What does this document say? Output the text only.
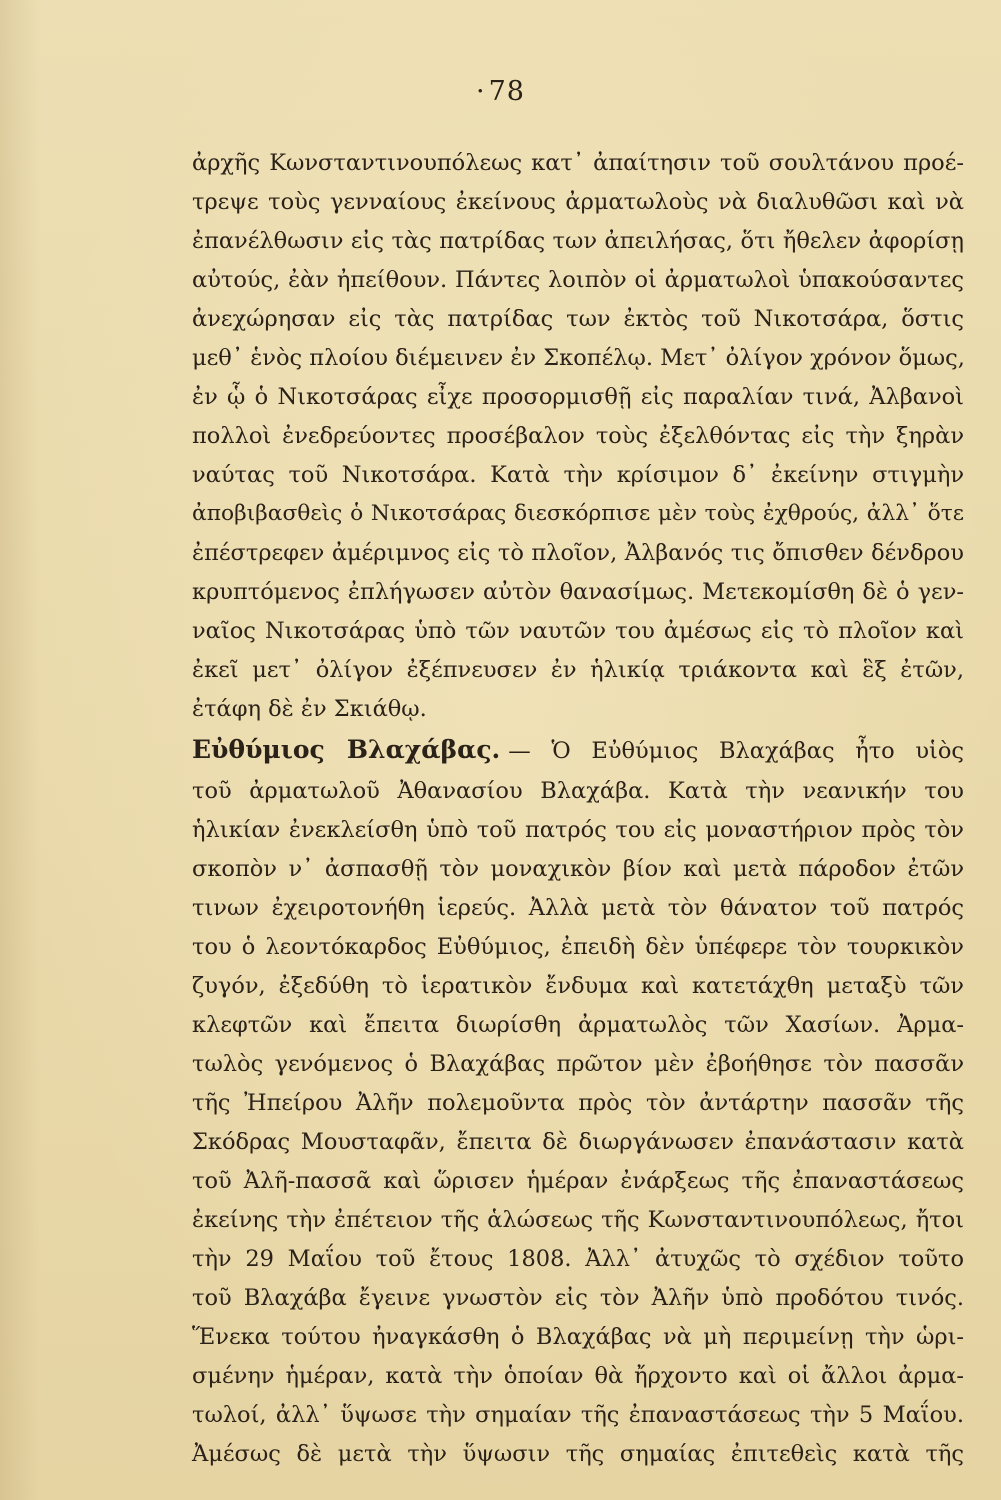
· 78
ἀρχῆς Κωνσταντινουπόλεως κατ᾽ ἀπαίτησιν τοῦ σουλτάνου προέ-
τρεψε τοὺς γενναίους ἐκείνους ἀρματωλοὺς νὰ διαλυθῶσι καὶ νὰ
ἐπανέλθωσιν εἰς τὰς πατρίδας των ἀπειλήσας, ὅτι ἤθελεν ἀφορίσῃ
αὐτούς, ἐὰν ἠπείθουν. Πάντες λοιπὸν οἱ ἀρματωλοὶ ὑπακούσαντες
ἀνεχώρησαν εἰς τὰς πατρίδας των ἐκτὸς τοῦ Νικοτσάρα, ὅστις
μεθ᾽ ἑνὸς πλοίου διέμεινεν ἐν Σκοπέλῳ. Μετ᾽ ὀλίγον χρόνον ὅμως,
ἐν ᾧ ὁ Νικοτσάρας εἶχε προσορμισθῇ εἰς παραλίαν τινά, Ἀλβανοὶ
πολλοὶ ἐνεδρεύοντες προσέβαλον τοὺς ἐξελθόντας εἰς τὴν ξηρὰν
ναύτας τοῦ Νικοτσάρα. Κατὰ τὴν κρίσιμον δ᾽ ἐκείνην στιγμὴν
ἀποβιβασθεὶς ὁ Νικοτσάρας διεσκόρπισε μὲν τοὺς ἐχθρούς, ἀλλ᾽ ὅτε
ἐπέστρεφεν ἀμέριμνος εἰς τὸ πλοῖον, Ἀλβανός τις ὄπισθεν δένδρου
κρυπτόμενος ἐπλήγωσεν αὐτὸν θανασίμως. Μετεκομίσθη δὲ ὁ γεν-
ναῖος Νικοτσάρας ὑπὸ τῶν ναυτῶν του ἀμέσως εἰς τὸ πλοῖον καὶ
ἐκεῖ μετ᾽ ὀλίγον ἐξέπνευσεν ἐν ἡλικίᾳ τριάκοντα καὶ ἓξ ἐτῶν,
ἐτάφη δὲ ἐν Σκιάθῳ.
Εὐθύμιος Βλαχάβας. — Ὁ Εὐθύμιος Βλαχάβας ἦτο υἱὸς
τοῦ ἀρματωλοῦ Ἀθανασίου Βλαχάβα. Κατὰ τὴν νεανικήν του
ἡλικίαν ἐνεκλείσθη ὑπὸ τοῦ πατρός του εἰς μοναστήριον πρὸς τὸν
σκοπὸν ν᾽ ἀσπασθῇ τὸν μοναχικὸν βίον καὶ μετὰ πάροδον ἐτῶν
τινων ἐχειροτονήθη ἱερεύς. Ἀλλὰ μετὰ τὸν θάνατον τοῦ πατρός
του ὁ λεοντόκαρδος Εὐθύμιος, ἐπειδὴ δὲν ὑπέφερε τὸν τουρκικὸν
ζυγόν, ἐξεδύθη τὸ ἱερατικὸν ἔνδυμα καὶ κατετάχθη μεταξὺ τῶν
κλεφτῶν καὶ ἔπειτα διωρίσθη ἀρματωλὸς τῶν Χασίων. Ἀρμα-
τωλὸς γενόμενος ὁ Βλαχάβας πρῶτον μὲν ἐβοήθησε τὸν πασσᾶν
τῆς Ἠπείρου Ἀλῆν πολεμοῦντα πρὸς τὸν ἀντάρτην πασσᾶν τῆς
Σκόδρας Μουσταφᾶν, ἔπειτα δὲ διωργάνωσεν ἐπανάστασιν κατὰ
τοῦ Ἀλῆ-πασσᾶ καὶ ὥρισεν ἡμέραν ἐνάρξεως τῆς ἐπαναστάσεως
ἐκείνης τὴν ἐπέτειον τῆς ἁλώσεως τῆς Κωνσταντινουπόλεως, ἤτοι
τὴν 29 Μαΐου τοῦ ἔτους 1808. Ἀλλ᾽ ἀτυχῶς τὸ σχέδιον τοῦτο
τοῦ Βλαχάβα ἔγεινε γνωστὸν εἰς τὸν Ἀλῆν ὑπὸ προδότου τινός.
Ἕνεκα τούτου ἠναγκάσθη ὁ Βλαχάβας νὰ μὴ περιμείνῃ τὴν ὡρι-
σμένην ἡμέραν, κατὰ τὴν ὁποίαν θὰ ἤρχοντο καὶ οἱ ἄλλοι ἀρμα-
τωλοί, ἀλλ᾽ ὕψωσε τὴν σημαίαν τῆς ἐπαναστάσεως τὴν 5 Μαΐου.
Ἀμέσως δὲ μετὰ τὴν ὕψωσιν τῆς σημαίας ἐπιτεθεὶς κατὰ τῆς
